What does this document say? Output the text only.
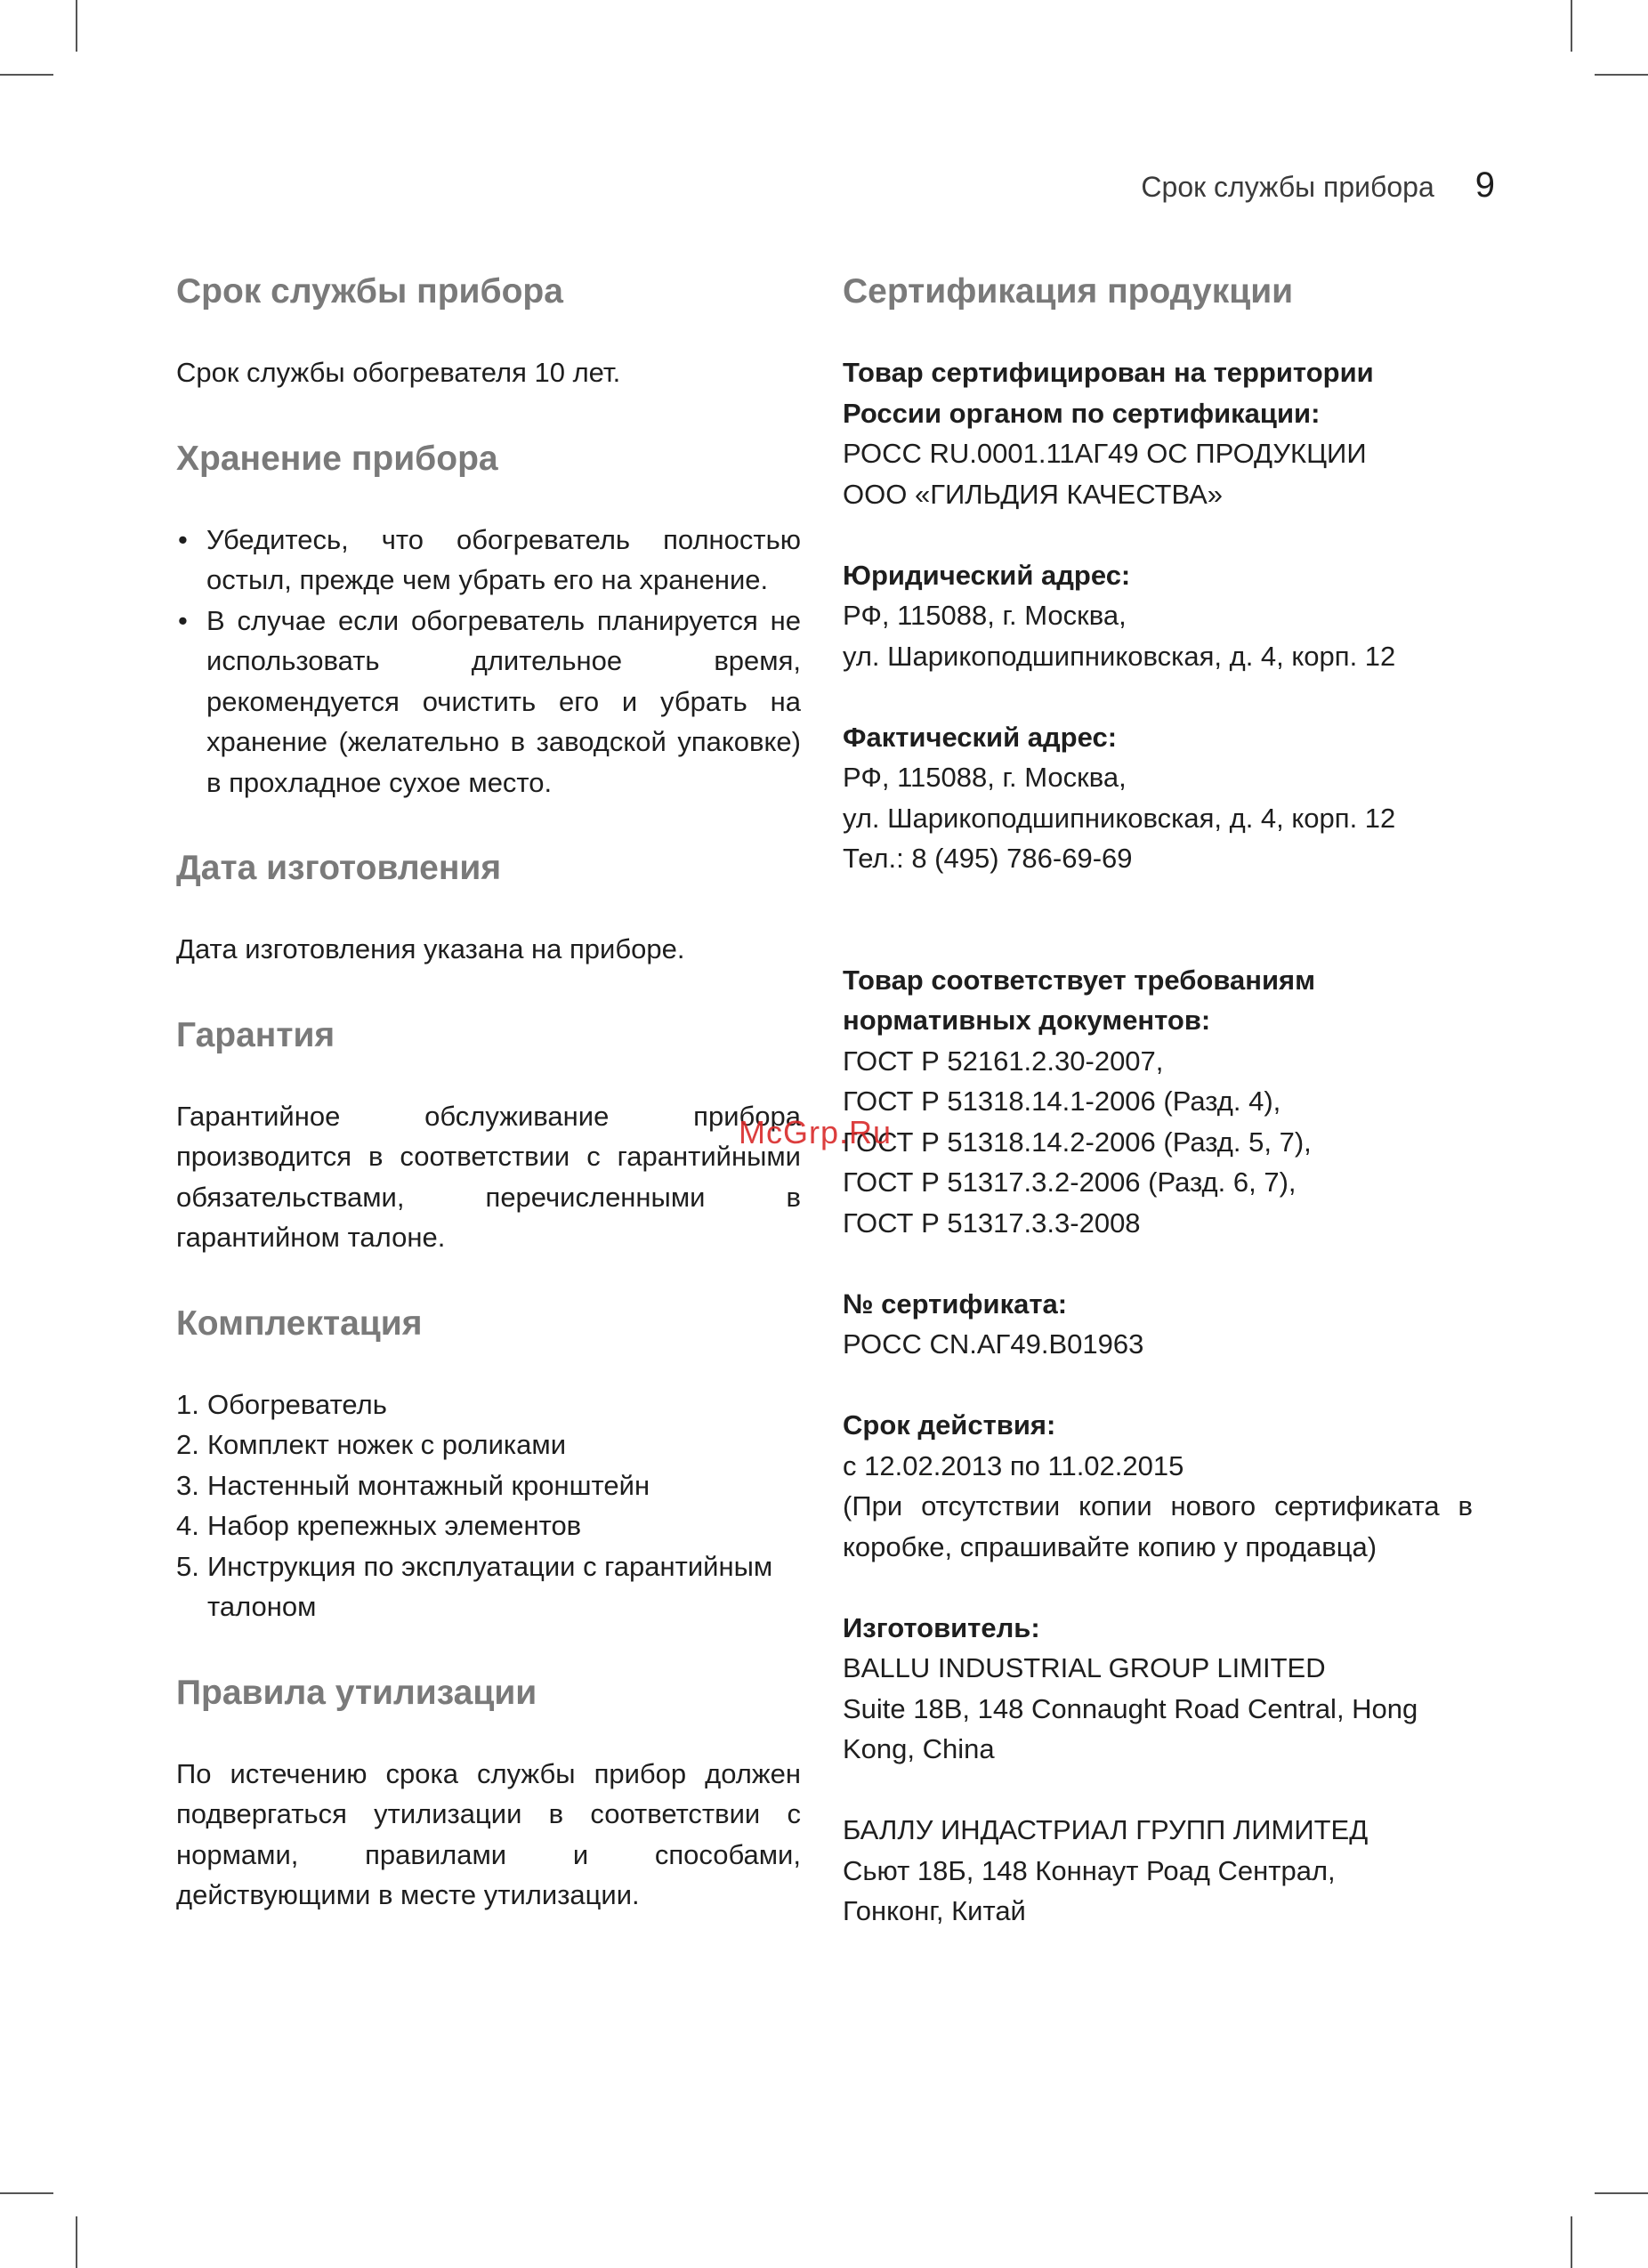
Срок службы прибора 9
Срок службы прибора

Срок службы обогревателя 10 лет.

Хранение прибора
• Убедитесь, что обогреватель полностью остыл, прежде чем убрать его на хранение.
• В случае если обогреватель планируется не использовать длительное время, рекомендуется очистить его и убрать на хранение (желательно в заводской упаковке) в прохладное сухое место.
Дата изготовления

Дата изготовления указана на приборе.

Гарантия

Гарантийное обслуживание прибора производится в соответствии с гарантийными обязательствами, перечисленными в гарантийном талоне.

Комплектация
1. Обогреватель
2. Комплект ножек с роликами
3. Настенный монтажный кронштейн
4. Набор крепежных элементов
5. Инструкция по эксплуатации с гарантийным талоном
Правила утилизации

По истечению срока службы прибор должен подвергаться утилизации в соответствии с нормами, правилами и способами, действующими в месте утилизации.

Сертификация продукции
Товар сертифицирован на территории
России органом по сертификации:
РОСС RU.0001.11АГ49 ОС ПРОДУКЦИИ
ООО «ГИЛЬДИЯ КАЧЕСТВА»
Юридический адрес:
РФ, 115088, г. Москва,
ул. Шарикоподшипниковская, д. 4, корп. 12
Фактический адрес:
РФ, 115088, г. Москва,
ул. Шарикоподшипниковская, д. 4, корп. 12
Тел.: 8 (495) 786-69-69
Товар соответствует требованиям
нормативных документов:
ГОСТ Р 52161.2.30-2007,
ГОСТ Р 51318.14.1-2006 (Разд. 4),
ГОСТ Р 51318.14.2-2006 (Разд. 5, 7),
ГОСТ Р 51317.3.2-2006 (Разд. 6, 7),
ГОСТ Р 51317.3.3-2008
№ сертификата:
РОСС CN.АГ49.В01963
Срок действия:
с 12.02.2013 по 11.02.2015

(При отсутствии копии нового сертификата в коробке, спрашивайте копию у продавца)

Изготовитель:
BALLU INDUSTRIAL GROUP LIMITED
Suite 18B, 148 Connaught Road Central, Hong Kong, China
БАЛЛУ ИНДАСТРИАЛ ГРУПП ЛИМИТЕД
Сьют 18Б, 148 Коннаут Роад Сентрал,
Гонконг, Китай
McGrp.Ru
